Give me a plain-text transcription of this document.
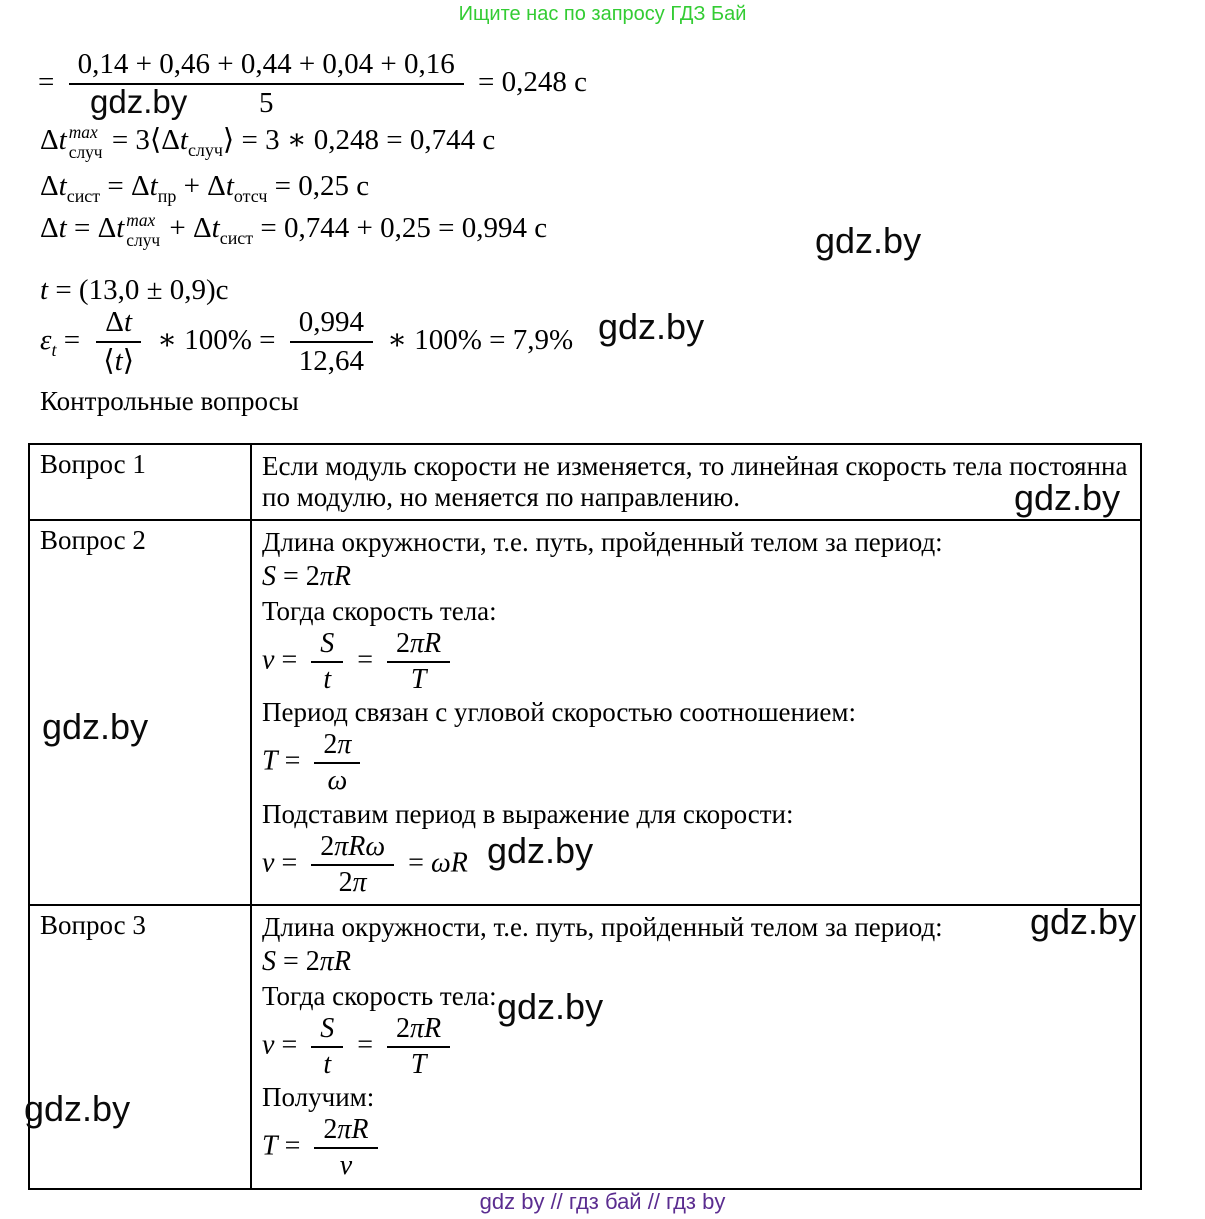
Ищите нас по запросу ГДЗ Бай
= $\frac{0,14 + 0,46 + 0,44 + 0,04 + 0,16}{5} = 0,248$ с
Δt max
случ = $3⟨\Delta t_{случ}⟩ = 3$ ∗ 0,248 = 0,744 с
$\Delta t_{сист} = \Delta t_{пр} + \Delta t_{отсч} = 0,25$ с
Δt = Δt max
случ + $\Delta t_{сист} = 0,744 + 0,25 = 0,994$ с
t = (13,0 ± 0,9)с
$\varepsilon_t = \frac{\Delta t}{⟨t⟩}$ ∗ $100\% = \frac{0,994}{12,64}$ ∗ 100% = 7,9%
Контрольные вопросы
Вопрос 1	Если модуль скорости не изменяется, то линейная скорость тела постоянна по модулю, но меняется по направлению.

Вопрос 2	Длина окружности, т.е. путь, пройденный телом за период:

S = 2πR

Тогда скорость тела:

$v = \frac{S}{t} = \frac{2\pi R}{T}$

Период связан с угловой скоростью соотношением:

$T = \frac{2\pi}{\omega}$

Подставим период в выражение для скорости:

$v = \frac{\text{2πRω}}{2\pi} = \omega R$

Вопрос 3	Длина окружности, т.е. путь, пройденный телом за период:

S = 2πR

Тогда скорость тела:

$v = \frac{S}{t} = \frac{2\pi R}{T}$

Получим:

$T = \frac{2\pi R}{v}$
gdz.by
gdz.by
gdz.by
gdz.by
gdz.by
gdz.by
gdz.by
gdz.by
gdz.by
gdz by // гдз бай // гдз by
